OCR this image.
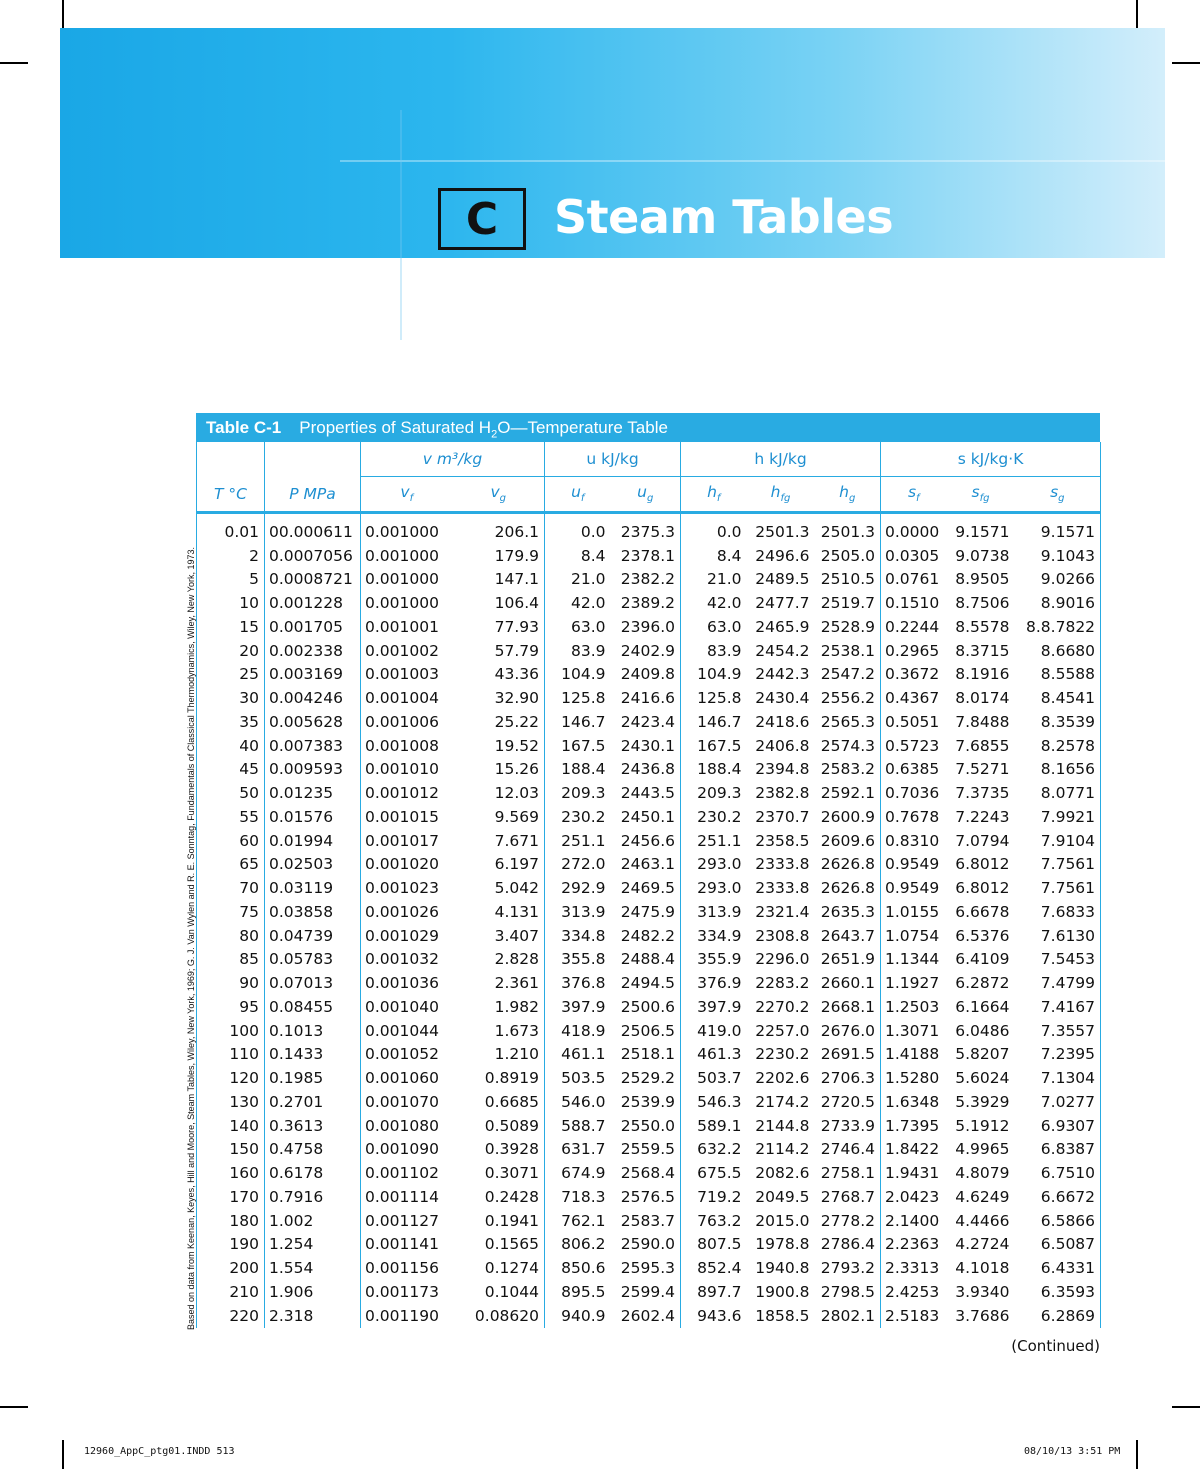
C	Steam Tables
Based on data from Keenan, Keyes, Hill and Moore, Steam Tables, Wiley, New York, 1969; G. J. Van Wylen and R. E. Sonntag, Fundamentals of Classical Thermodynamics, Wiley, New York, 1973.
Table C-1 Properties of Saturated $H_2O—Temperature$ Table
		v m³/kg		u kJ/kg		h kJ/kg			s kJ/kg·K		
T °C	P MPa	$v_f$	$v_g$	$u_f$	$u_g$	$h_f$	$h_{fg}$	$h_g$	$s_f$	$s_{fg}$	$s_g$
0.01	00.000611	0.001000	206.1	0.0	2375.3	0.0	2501.3	2501.3	0.0000	9.1571	9.1571
2	0.0007056	0.001000	179.9	8.4	2378.1	8.4	2496.6	2505.0	0.0305	9.0738	9.1043
5	0.0008721	0.001000	147.1	21.0	2382.2	21.0	2489.5	2510.5	0.0761	8.9505	9.0266
10	0.001228	0.001000	106.4	42.0	2389.2	42.0	2477.7	2519.7	0.1510	8.7506	8.9016
15	0.001705	0.001001	77.93	63.0	2396.0	63.0	2465.9	2528.9	0.2244	8.5578	8.8.7822
20	0.002338	0.001002	57.79	83.9	2402.9	83.9	2454.2	2538.1	0.2965	8.3715	8.6680
25	0.003169	0.001003	43.36	104.9	2409.8	104.9	2442.3	2547.2	0.3672	8.1916	8.5588
30	0.004246	0.001004	32.90	125.8	2416.6	125.8	2430.4	2556.2	0.4367	8.0174	8.4541
35	0.005628	0.001006	25.22	146.7	2423.4	146.7	2418.6	2565.3	0.5051	7.8488	8.3539
40	0.007383	0.001008	19.52	167.5	2430.1	167.5	2406.8	2574.3	0.5723	7.6855	8.2578
45	0.009593	0.001010	15.26	188.4	2436.8	188.4	2394.8	2583.2	0.6385	7.5271	8.1656
50	0.01235	0.001012	12.03	209.3	2443.5	209.3	2382.8	2592.1	0.7036	7.3735	8.0771
55	0.01576	0.001015	9.569	230.2	2450.1	230.2	2370.7	2600.9	0.7678	7.2243	7.9921
60	0.01994	0.001017	7.671	251.1	2456.6	251.1	2358.5	2609.6	0.8310	7.0794	7.9104
65	0.02503	0.001020	6.197	272.0	2463.1	293.0	2333.8	2626.8	0.9549	6.8012	7.7561
70	0.03119	0.001023	5.042	292.9	2469.5	293.0	2333.8	2626.8	0.9549	6.8012	7.7561
75	0.03858	0.001026	4.131	313.9	2475.9	313.9	2321.4	2635.3	1.0155	6.6678	7.6833
80	0.04739	0.001029	3.407	334.8	2482.2	334.9	2308.8	2643.7	1.0754	6.5376	7.6130
85	0.05783	0.001032	2.828	355.8	2488.4	355.9	2296.0	2651.9	1.1344	6.4109	7.5453
90	0.07013	0.001036	2.361	376.8	2494.5	376.9	2283.2	2660.1	1.1927	6.2872	7.4799
95	0.08455	0.001040	1.982	397.9	2500.6	397.9	2270.2	2668.1	1.2503	6.1664	7.4167
100	0.1013	0.001044	1.673	418.9	2506.5	419.0	2257.0	2676.0	1.3071	6.0486	7.3557
110	0.1433	0.001052	1.210	461.1	2518.1	461.3	2230.2	2691.5	1.4188	5.8207	7.2395
120	0.1985	0.001060	0.8919	503.5	2529.2	503.7	2202.6	2706.3	1.5280	5.6024	7.1304
130	0.2701	0.001070	0.6685	546.0	2539.9	546.3	2174.2	2720.5	1.6348	5.3929	7.0277
140	0.3613	0.001080	0.5089	588.7	2550.0	589.1	2144.8	2733.9	1.7395	5.1912	6.9307
150	0.4758	0.001090	0.3928	631.7	2559.5	632.2	2114.2	2746.4	1.8422	4.9965	6.8387
160	0.6178	0.001102	0.3071	674.9	2568.4	675.5	2082.6	2758.1	1.9431	4.8079	6.7510
170	0.7916	0.001114	0.2428	718.3	2576.5	719.2	2049.5	2768.7	2.0423	4.6249	6.6672
180	1.002	0.001127	0.1941	762.1	2583.7	763.2	2015.0	2778.2	2.1400	4.4466	6.5866
190	1.254	0.001141	0.1565	806.2	2590.0	807.5	1978.8	2786.4	2.2363	4.2724	6.5087
200	1.554	0.001156	0.1274	850.6	2595.3	852.4	1940.8	2793.2	2.3313	4.1018	6.4331
210	1.906	0.001173	0.1044	895.5	2599.4	897.7	1900.8	2798.5	2.4253	3.9340	6.3593
220	2.318	0.001190	0.08620	940.9	2602.4	943.6	1858.5	2802.1	2.5183	3.7686	6.2869
(Continued)
12960_AppC_ptg01.INDD 513	08/10/13 3:51 PM
